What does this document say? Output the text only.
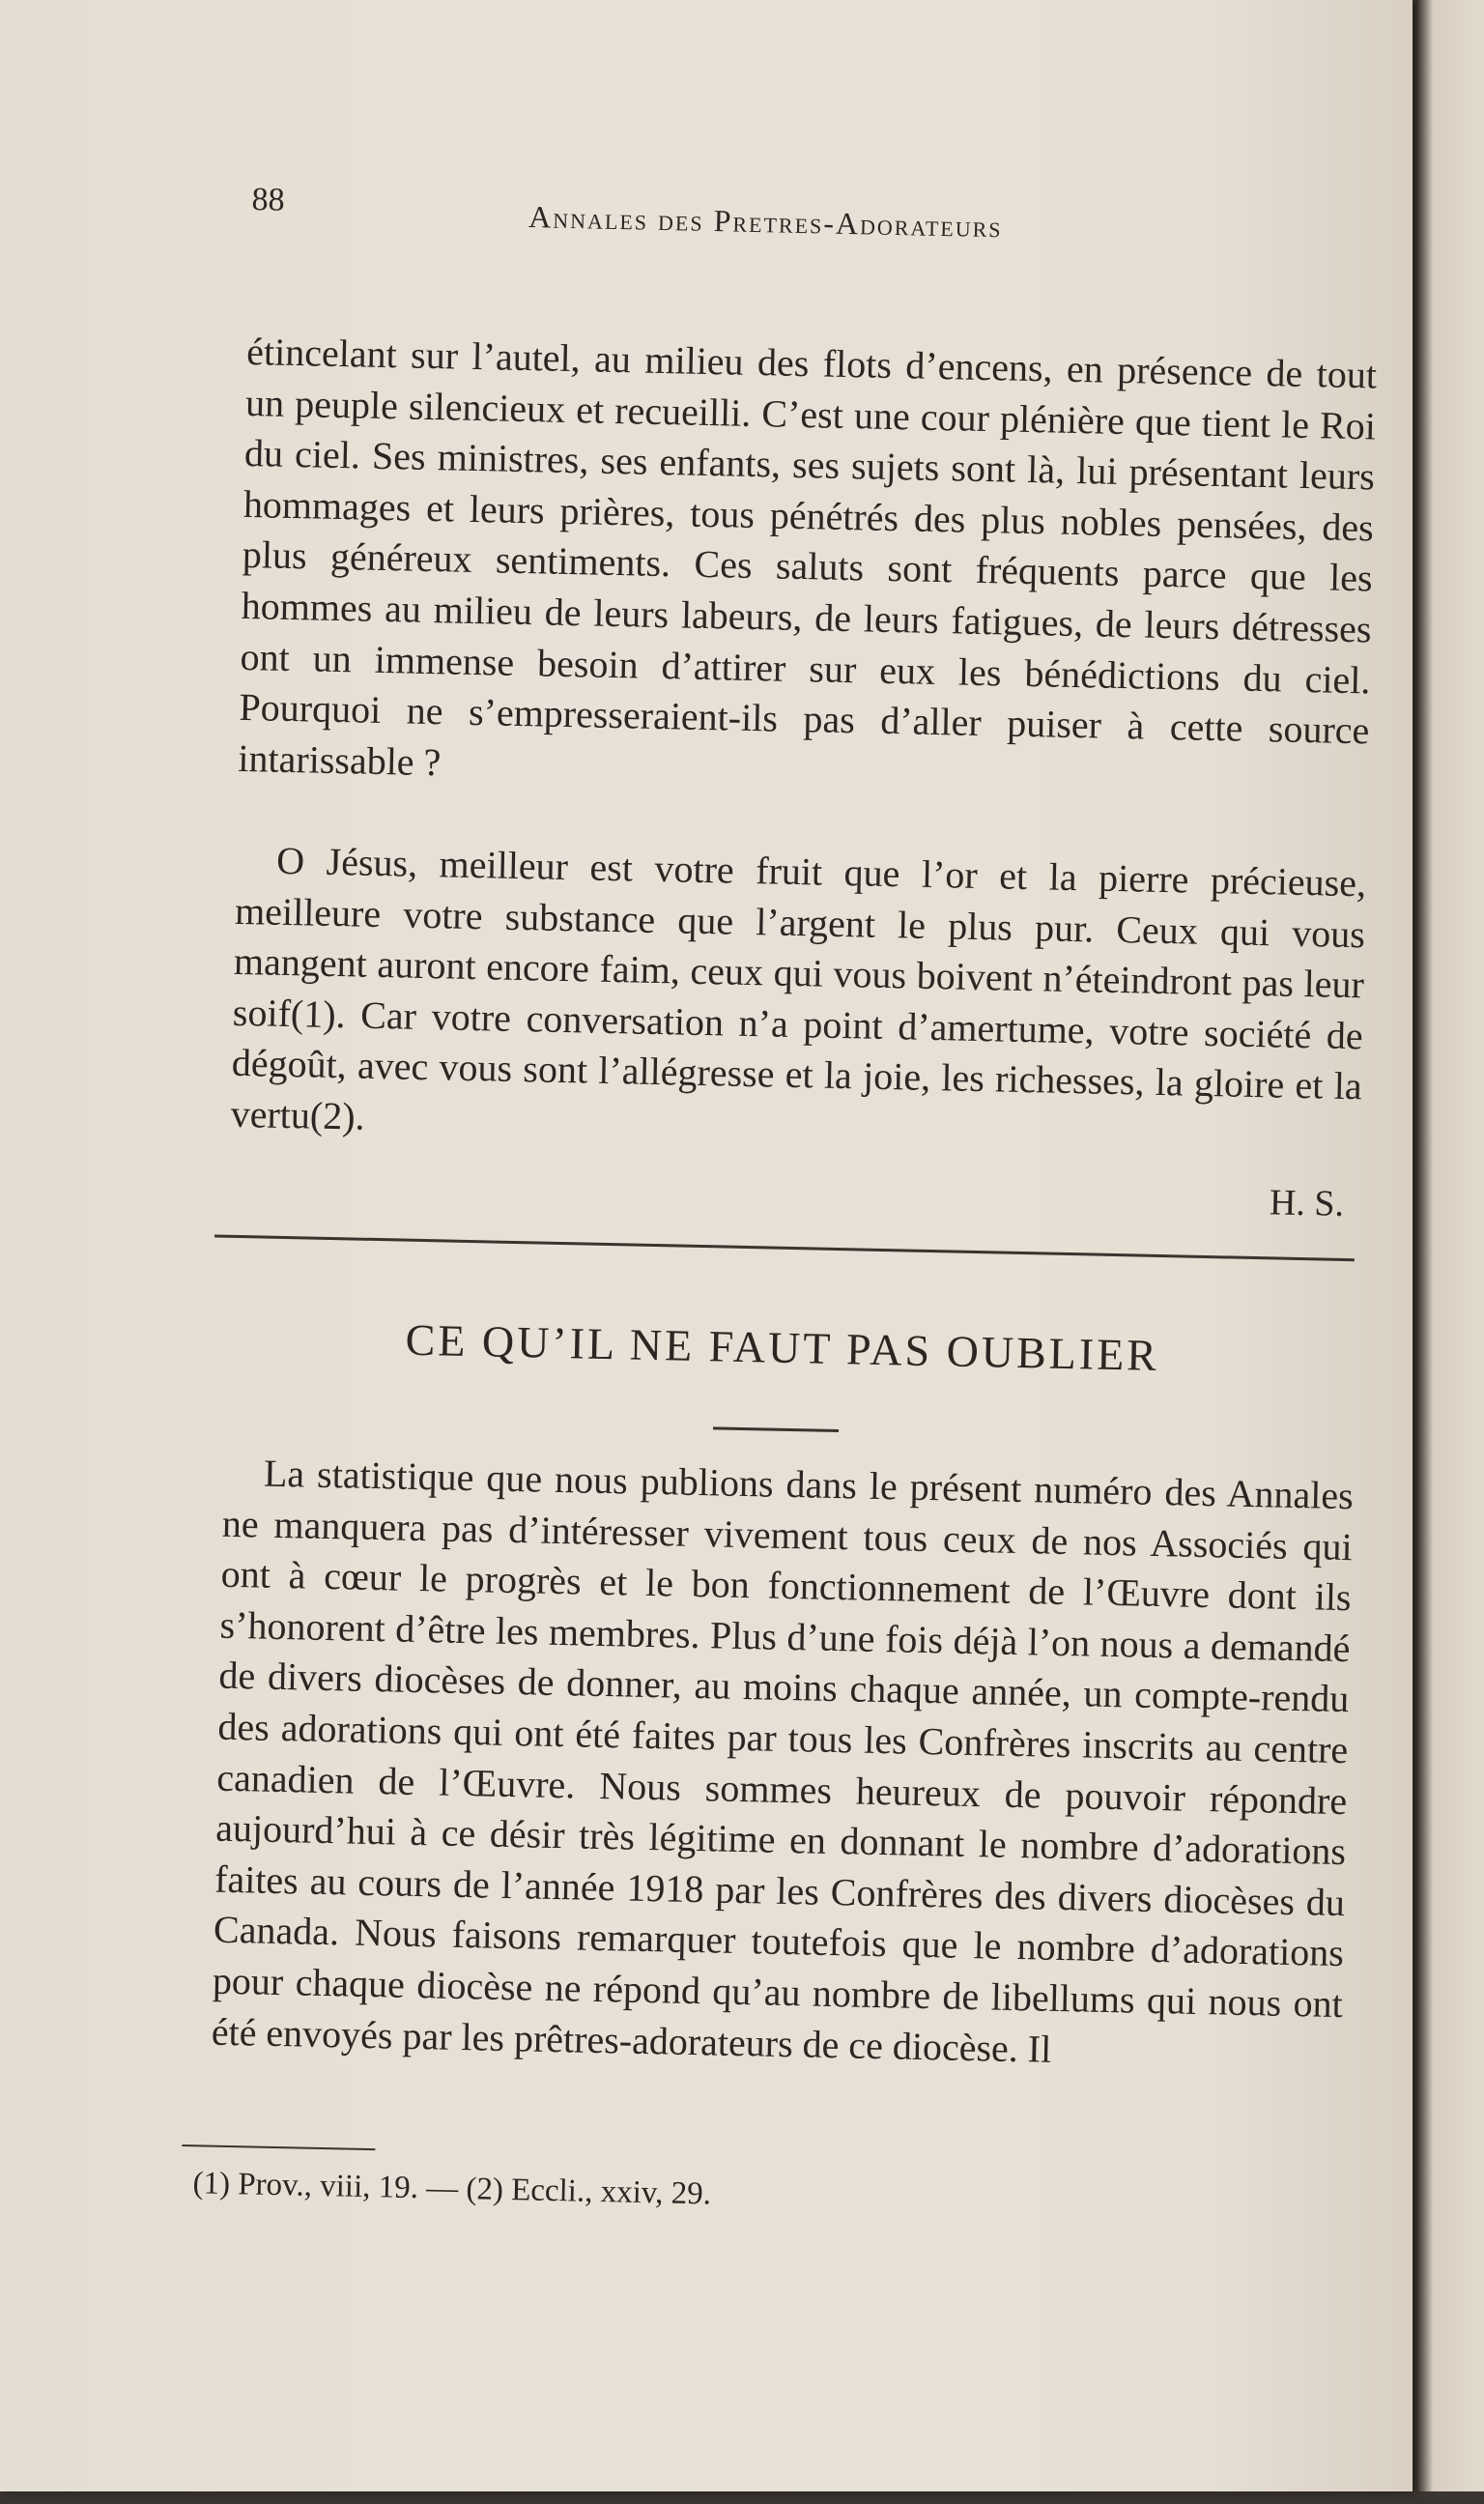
88	Annales des Pretres-Adorateurs

étincelant sur l’autel, au milieu des flots d’encens, en présence de tout un peuple silencieux et recueilli. C’est une cour plénière que tient le Roi du ciel. Ses ministres, ses enfants, ses sujets sont là, lui présentant leurs hommages et leurs prières, tous pénétrés des plus nobles pensées, des plus généreux sentiments. Ces saluts sont fréquents parce que les hommes au milieu de leurs labeurs, de leurs fatigues, de leurs détresses ont un immense besoin d’attirer sur eux les bénédictions du ciel. Pourquoi ne s’empresseraient-ils pas d’aller puiser à cette source intarissable ?

O Jésus, meilleur est votre fruit que l’or et la pierre précieuse, meilleure votre substance que l’argent le plus pur. Ceux qui vous mangent auront encore faim, ceux qui vous boivent n’éteindront pas leur soif(1). Car votre conversation n’a point d’amertume, votre société de dégoût, avec vous sont l’allégresse et la joie, les richesses, la gloire et la vertu(2).

H. S.

CE QU’IL NE FAUT PAS OUBLIER

La statistique que nous publions dans le présent numéro des Annales ne manquera pas d’intéresser vivement tous ceux de nos Associés qui ont à cœur le progrès et le bon fonctionnement de l’Œuvre dont ils s’honorent d’être les membres. Plus d’une fois déjà l’on nous a demandé de divers diocèses de donner, au moins chaque année, un compte-rendu des adorations qui ont été faites par tous les Confrères inscrits au centre canadien de l’Œuvre. Nous sommes heureux de pouvoir répondre aujourd’hui à ce désir très légitime en donnant le nombre d’adorations faites au cours de l’année 1918 par les Confrères des divers diocèses du Canada. Nous faisons remarquer toutefois que le nombre d’adorations pour chaque diocèse ne répond qu’au nombre de libellums qui nous ont été envoyés par les prêtres-adorateurs de ce diocèse. Il

(1) Prov., viii, 19. — (2) Eccli., xxiv, 29.
